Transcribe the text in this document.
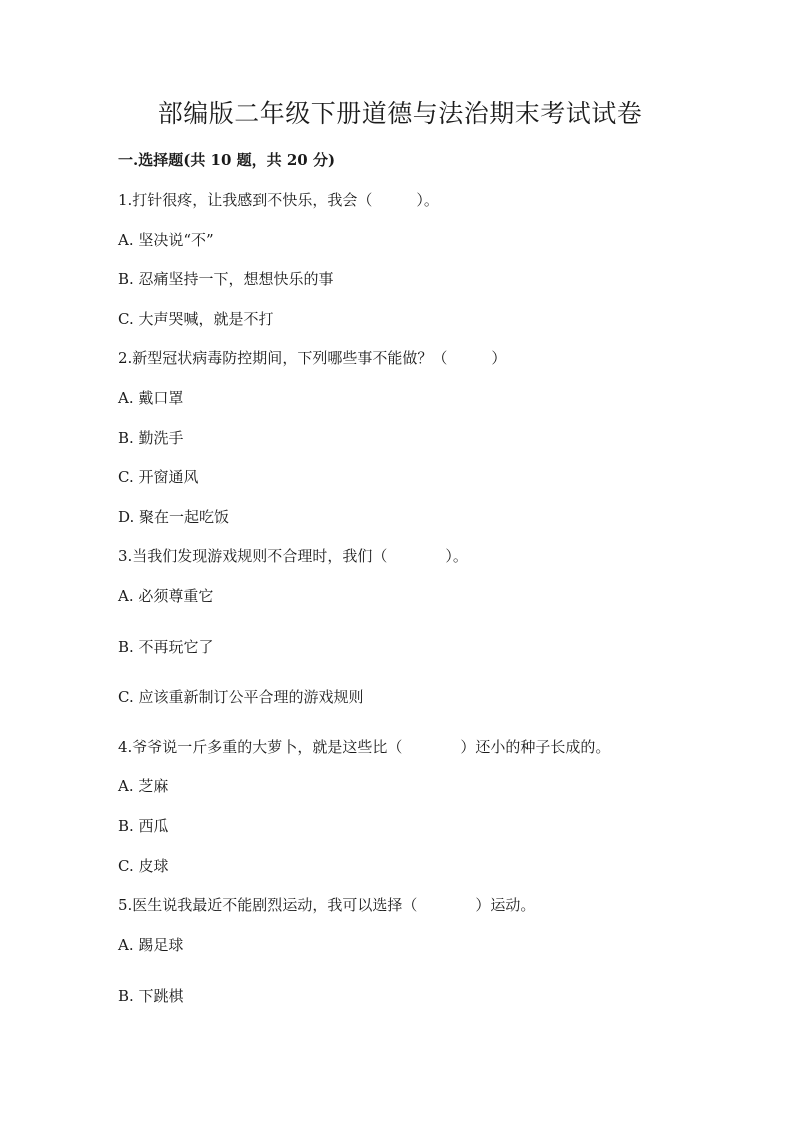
部编版二年级下册道德与法治期末考试试卷
一.选择题(共 10 题，共 20 分)
1.打针很疼，让我感到不快乐，我会（	）。
A. 坚决说“不”
B. 忍痛坚持一下，想想快乐的事
C. 大声哭喊，就是不打
2.新型冠状病毒防控期间，下列哪些事不能做？（	）
A. 戴口罩
B. 勤洗手
C. 开窗通风
D. 聚在一起吃饭
3.当我们发现游戏规则不合理时，我们（	）。
A. 必须尊重它
B. 不再玩它了
C. 应该重新制订公平合理的游戏规则
4.爷爷说一斤多重的大萝卜，就是这些比（	）还小的种子长成的。
A. 芝麻
B. 西瓜
C. 皮球
5.医生说我最近不能剧烈运动，我可以选择（	）运动。
A. 踢足球
B. 下跳棋
